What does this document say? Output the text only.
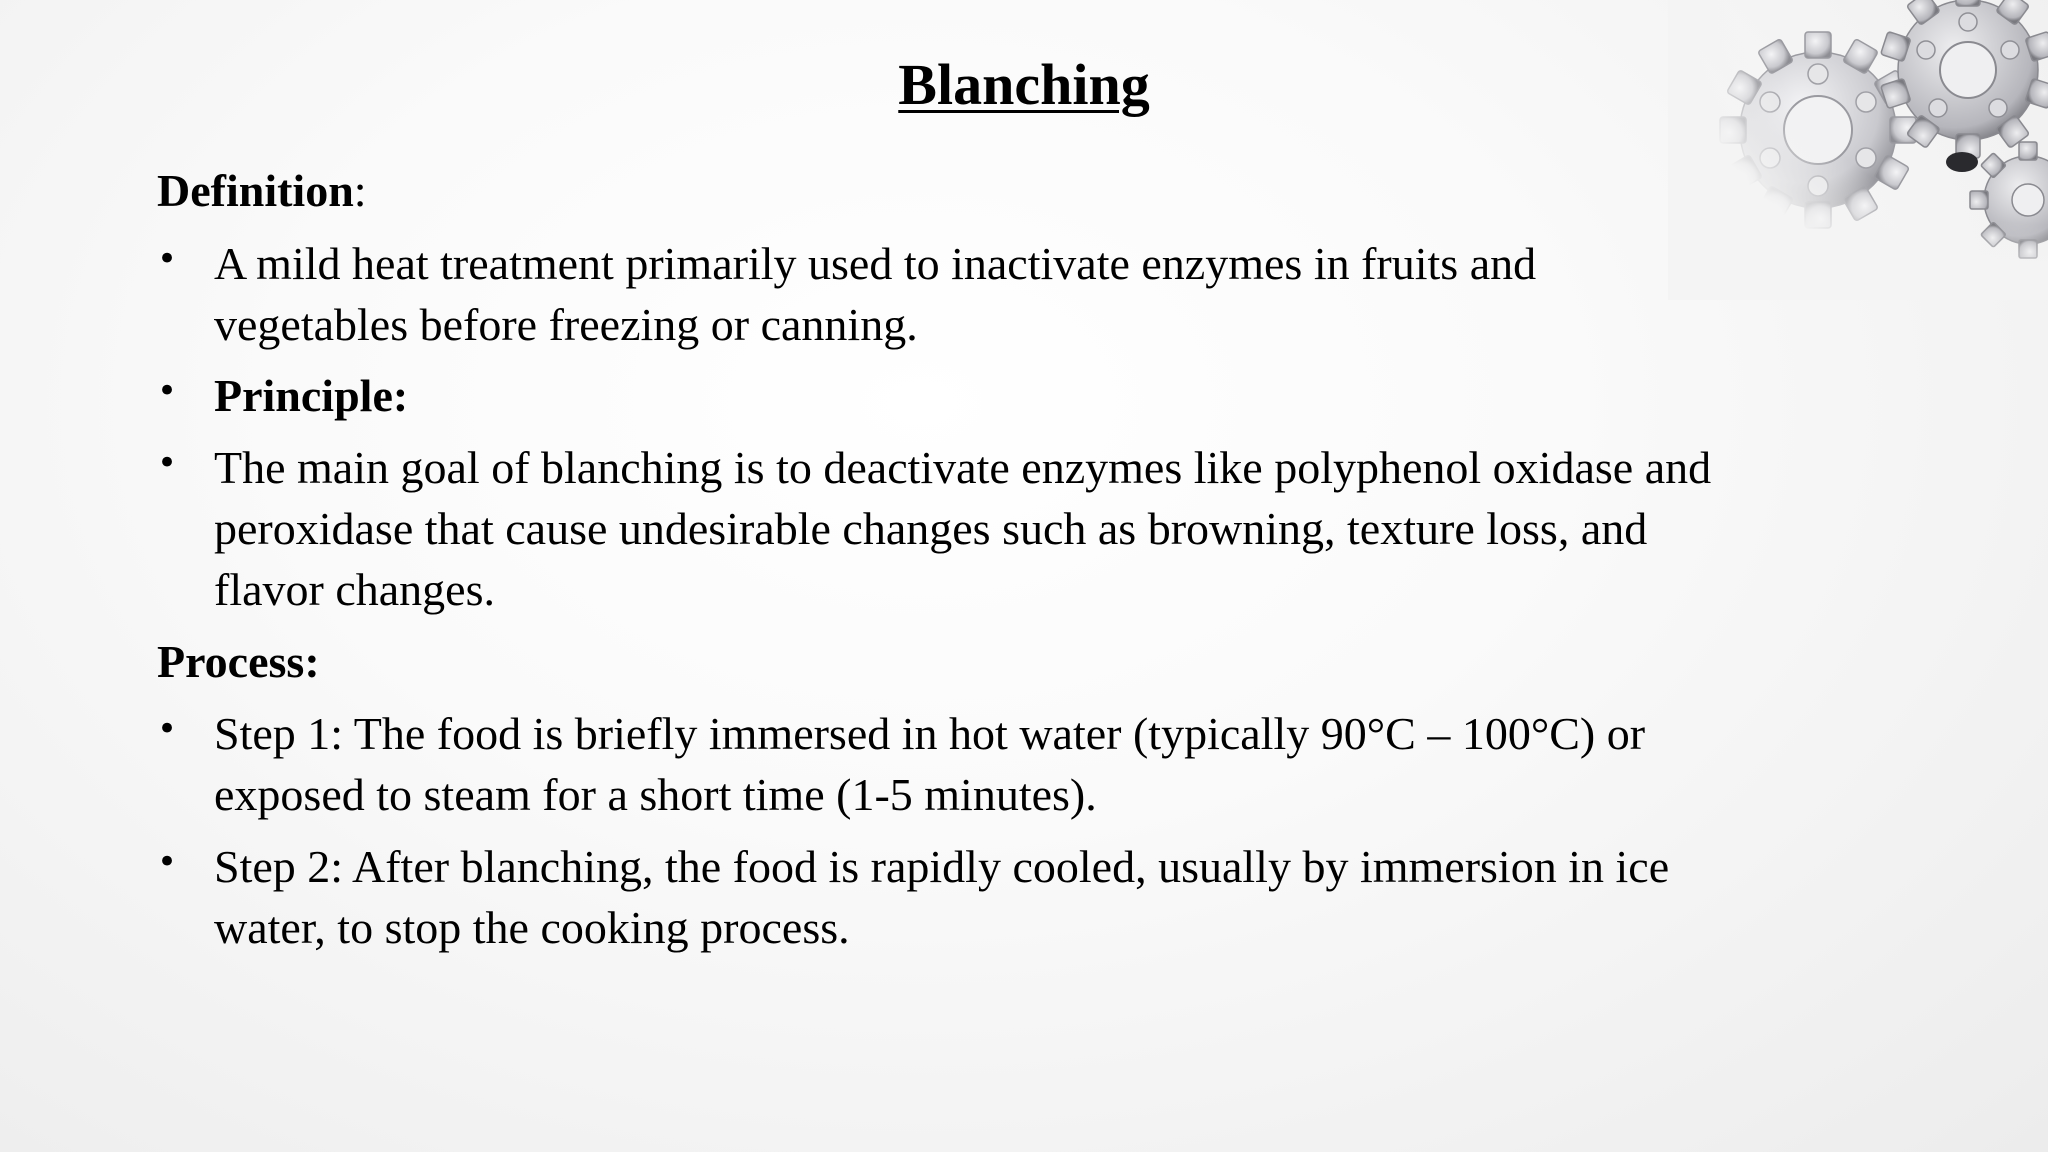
Blanching
Definition:
• A mild heat treatment primarily used to inactivate enzymes in fruits and
vegetables before freezing or canning.
• Principle:
• The main goal of blanching is to deactivate enzymes like polyphenol oxidase and
peroxidase that cause undesirable changes such as browning, texture loss, and
flavor changes.
Process:
• Step 1: The food is briefly immersed in hot water (typically 90°C – 100°C) or
exposed to steam for a short time (1-5 minutes).
• Step 2: After blanching, the food is rapidly cooled, usually by immersion in ice
water, to stop the cooking process.
